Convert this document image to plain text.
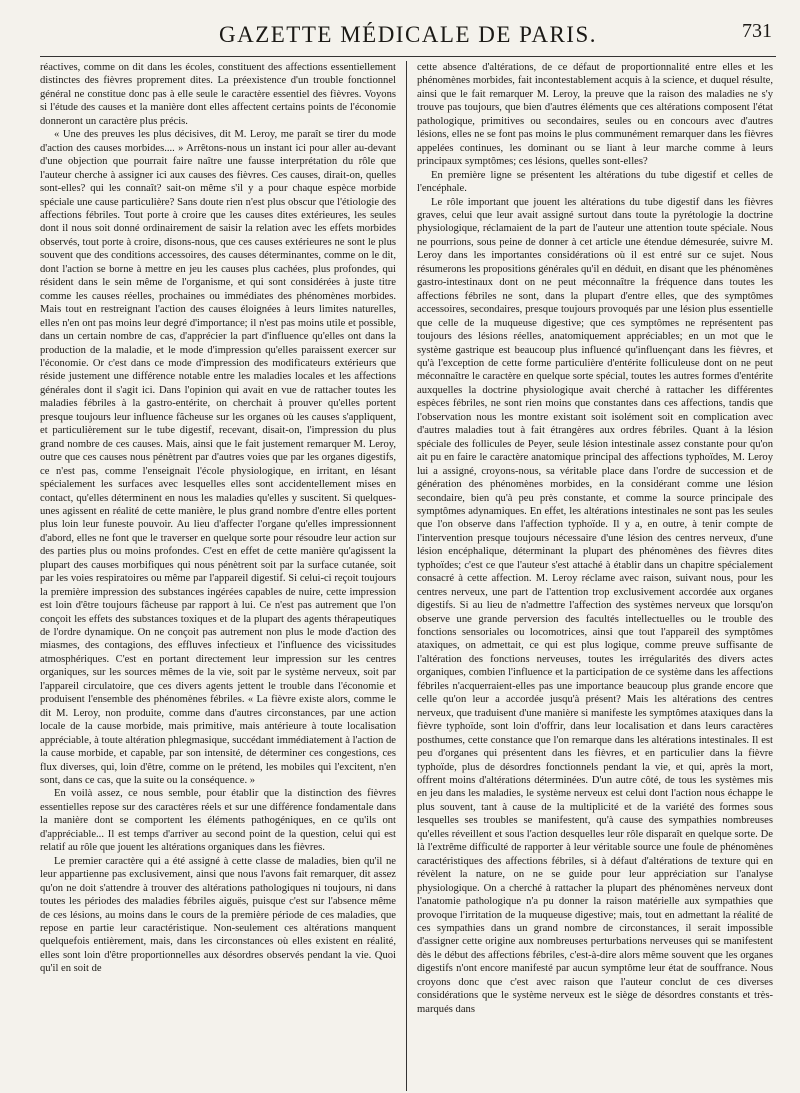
GAZETTE MÉDICALE DE PARIS.	731

réactives, comme on dit dans les écoles, constituent des affections essentiellement distinctes des fièvres proprement dites. La préexistence d'un trouble fonctionnel général ne constitue donc pas à elle seule le caractère essentiel des fièvres. Voyons si l'étude des causes et la manière dont elles affectent certains points de l'économie donneront un caractère plus précis.

« Une des preuves les plus décisives, dit M. Leroy, me paraît se tirer du mode d'action des causes morbides.... » Arrêtons-nous un instant ici pour aller au-devant d'une objection que pourrait faire naître une fausse interprétation du rôle que l'auteur cherche à assigner ici aux causes des fièvres. Ces causes, dirait-on, quelles sont-elles? qui les connaît? sait-on même s'il y a pour chaque espèce morbide spéciale une cause particulière? Sans doute rien n'est plus obscur que l'étiologie des affections fébriles. Tout porte à croire que les causes dites extérieures, les seules dont il nous soit donné ordinairement de saisir la relation avec les effets morbides observés, tout porte à croire, disons-nous, que ces causes extérieures ne sont le plus souvent que des conditions accessoires, des causes déterminantes, comme on le dit, dont l'action se borne à mettre en jeu les causes plus cachées, plus profondes, qui résident dans le sein même de l'organisme, et qui sont considérées à juste titre comme les causes réelles, prochaines ou immédiates des phénomènes morbides. Mais tout en restreignant l'action des causes éloignées à leurs limites naturelles, elles n'en ont pas moins leur degré d'importance; il n'est pas moins utile et possible, dans un certain nombre de cas, d'apprécier la part d'influence qu'elles ont dans la production de la maladie, et le mode d'impression qu'elles paraissent exercer sur l'économie. Or c'est dans ce mode d'impression des modificateurs extérieurs que réside justement une différence notable entre les maladies locales et les affections générales dont il s'agit ici. Dans l'opinion qui avait en vue de rattacher toutes les maladies fébriles à la gastro-entérite, on cherchait à prouver qu'elles portent presque toujours leur influence fâcheuse sur les organes où les causes s'appliquent, et particulièrement sur le tube digestif, recevant, disait-on, l'impression du plus grand nombre de ces causes. Mais, ainsi que le fait justement remarquer M. Leroy, outre que ces causes nous pénètrent par d'autres voies que par les organes digestifs, ce n'est pas, comme l'enseignait l'école physiologique, en irritant, en lésant spécialement les surfaces avec lesquelles elles sont accidentellement mises en contact, qu'elles déterminent en nous les maladies qu'elles y suscitent. Si quelques-unes agissent en réalité de cette manière, le plus grand nombre d'entre elles portent plus loin leur funeste pouvoir. Au lieu d'affecter l'organe qu'elles impressionnent d'abord, elles ne font que le traverser en quelque sorte pour résoudre leur action sur des parties plus ou moins profondes. C'est en effet de cette manière qu'agissent la plupart des causes morbifiques qui nous pénètrent soit par la surface cutanée, soit par les voies respiratoires ou même par l'appareil digestif. Si celui-ci reçoit toujours la première impression des substances ingérées capables de nuire, cette impression est loin d'être toujours fâcheuse par rapport à lui. Ce n'est pas autrement que l'on conçoit les effets des substances toxiques et de la plupart des agents thérapeutiques de l'ordre dynamique. On ne conçoit pas autrement non plus le mode d'action des miasmes, des contagions, des effluves infectieux et l'influence des vicissitudes atmosphériques. C'est en portant directement leur impression sur les centres organiques, sur les sources mêmes de la vie, soit par le système nerveux, soit par l'appareil circulatoire, que ces divers agents jettent le trouble dans l'économie et produisent l'ensemble des phénomènes fébriles. « La fièvre existe alors, comme le dit M. Leroy, non produite, comme dans d'autres circonstances, par une action locale de la cause morbide, mais primitive, mais antérieure à toute localisation appréciable, à toute altération phlegmasique, succédant immédiatement à l'action de la cause morbide, et capable, par son intensité, de déterminer ces congestions, ces flux diverses, qui, loin d'être, comme on le prétend, les mobiles qui l'excitent, n'en sont, dans ce cas, que la suite ou la conséquence. »

En voilà assez, ce nous semble, pour établir que la distinction des fièvres essentielles repose sur des caractères réels et sur une différence fondamentale dans la manière dont se comportent les éléments pathogéniques, en ce qu'ils ont d'appréciable... Il est temps d'arriver au second point de la question, celui qui est relatif au rôle que jouent les altérations organiques dans les fièvres.

Le premier caractère qui a été assigné à cette classe de maladies, bien qu'il ne leur appartienne pas exclusivement, ainsi que nous l'avons fait remarquer, dit assez qu'on ne doit s'attendre à trouver des altérations pathologiques ni toujours, ni dans toutes les périodes des maladies fébriles aiguës, puisque c'est sur l'absence même de ces lésions, au moins dans le cours de la première période de ces maladies, que repose en partie leur caractéristique. Non-seulement ces altérations manquent quelquefois entièrement, mais, dans les circonstances où elles existent en réalité, elles sont loin d'être proportionnelles aux désordres observés pendant la vie. Quoi qu'il en soit de

cette absence d'altérations, de ce défaut de proportionnalité entre elles et les phénomènes morbides, fait incontestablement acquis à la science, et duquel résulte, ainsi que le fait remarquer M. Leroy, la preuve que la raison des maladies ne s'y trouve pas toujours, que bien d'autres éléments que ces altérations composent l'état pathologique, primitives ou secondaires, seules ou en concours avec d'autres lésions, elles ne se font pas moins le plus communément remarquer dans les fièvres appelées continues, les dominant ou se liant à leur marche comme à leurs principaux symptômes; ces lésions, quelles sont-elles?

En première ligne se présentent les altérations du tube digestif et celles de l'encéphale.

Le rôle important que jouent les altérations du tube digestif dans les fièvres graves, celui que leur avait assigné surtout dans toute la pyrétologie la doctrine physiologique, réclamaient de la part de l'auteur une attention toute spéciale. Nous ne pourrions, sous peine de donner à cet article une étendue démesurée, suivre M. Leroy dans les importantes considérations où il est entré sur ce sujet. Nous résumerons les propositions générales qu'il en déduit, en disant que les phénomènes gastro-intestinaux dont on ne peut méconnaître la fréquence dans toutes les affections fébriles ne sont, dans la plupart d'entre elles, que des symptômes accessoires, secondaires, presque toujours provoqués par une lésion plus essentielle que celle de la muqueuse digestive; que ces symptômes ne représentent pas toujours des lésions réelles, anatomiquement appréciables; en un mot que le système gastrique est beaucoup plus influencé qu'influençant dans les fièvres, et qu'à l'exception de cette forme particulière d'entérite folliculeuse dont on ne peut méconnaître le caractère en quelque sorte spécial, toutes les autres formes d'entérite auxquelles la doctrine physiologique avait cherché à rattacher les différentes espèces fébriles, ne sont rien moins que constantes dans ces affections, tandis que l'observation nous les montre existant soit isolément soit en complication avec d'autres maladies tout à fait étrangères aux ordres fébriles. Quant à la lésion spéciale des follicules de Peyer, seule lésion intestinale assez constante pour qu'on ait pu en faire le caractère anatomique principal des affections typhoïdes, M. Leroy lui a assigné, croyons-nous, sa véritable place dans l'ordre de succession et de génération des phénomènes morbides, en la considérant comme une lésion secondaire, bien qu'à peu près constante, et comme la source principale des symptômes adynamiques. En effet, les altérations intestinales ne sont pas les seules que l'on observe dans l'affection typhoïde. Il y a, en outre, à tenir compte de l'intervention presque toujours nécessaire d'une lésion des centres nerveux, d'une lésion encéphalique, déterminant la plupart des phénomènes des fièvres dites typhoïdes; c'est ce que l'auteur s'est attaché à établir dans un chapitre spécialement consacré à cette affection. M. Leroy réclame avec raison, suivant nous, pour les centres nerveux, une part de l'attention trop exclusivement accordée aux organes digestifs. Si au lieu de n'admettre l'affection des systèmes nerveux que lorsqu'on observe une grande perversion des facultés intellectuelles ou le trouble des fonctions sensoriales ou locomotrices, ainsi que tout l'appareil des symptômes ataxiques, on admettait, ce qui est plus logique, comme preuve suffisante de l'altération des fonctions nerveuses, toutes les irrégularités des divers actes organiques, combien l'influence et la participation de ce système dans les affections fébriles n'acquerraient-elles pas une importance beaucoup plus grande encore que celle qu'on leur a accordée jusqu'à présent? Mais les altérations des centres nerveux, que traduisent d'une manière si manifeste les symptômes ataxiques dans la fièvre typhoïde, sont loin d'offrir, dans leur localisation et dans leurs caractères posthumes, cette constance que l'on remarque dans les altérations intestinales. Il est peu d'organes qui présentent dans les fièvres, et en particulier dans la fièvre typhoïde, plus de désordres fonctionnels pendant la vie, et qui, après la mort, offrent moins d'altérations déterminées. D'un autre côté, de tous les systèmes mis en jeu dans les maladies, le système nerveux est celui dont l'action nous échappe le plus souvent, tant à cause de la multiplicité et de la variété des formes sous lesquelles ses troubles se manifestent, qu'à cause des sympathies nombreuses qu'elles réveillent et sous l'action desquelles leur rôle disparaît en quelque sorte. De là l'extrême difficulté de rapporter à leur véritable source une foule de phénomènes caractéristiques des affections fébriles, si à défaut d'altérations de texture qui en révèlent la nature, on ne se guide pour leur appréciation sur l'analyse physiologique. On a cherché à rattacher la plupart des phénomènes nerveux dont l'anatomie pathologique n'a pu donner la raison matérielle aux sympathies que provoque l'irritation de la muqueuse digestive; mais, tout en admettant la réalité de ces sympathies dans un grand nombre de circonstances, il serait impossible d'assigner cette origine aux nombreuses perturbations nerveuses qui se manifestent dès le début des affections fébriles, c'est-à-dire alors même souvent que les organes digestifs n'ont encore manifesté par aucun symptôme leur état de souffrance. Nous croyons donc que c'est avec raison que l'auteur conclut de ces diverses considérations que le système nerveux est le siège de désordres constants et très-marqués dans
